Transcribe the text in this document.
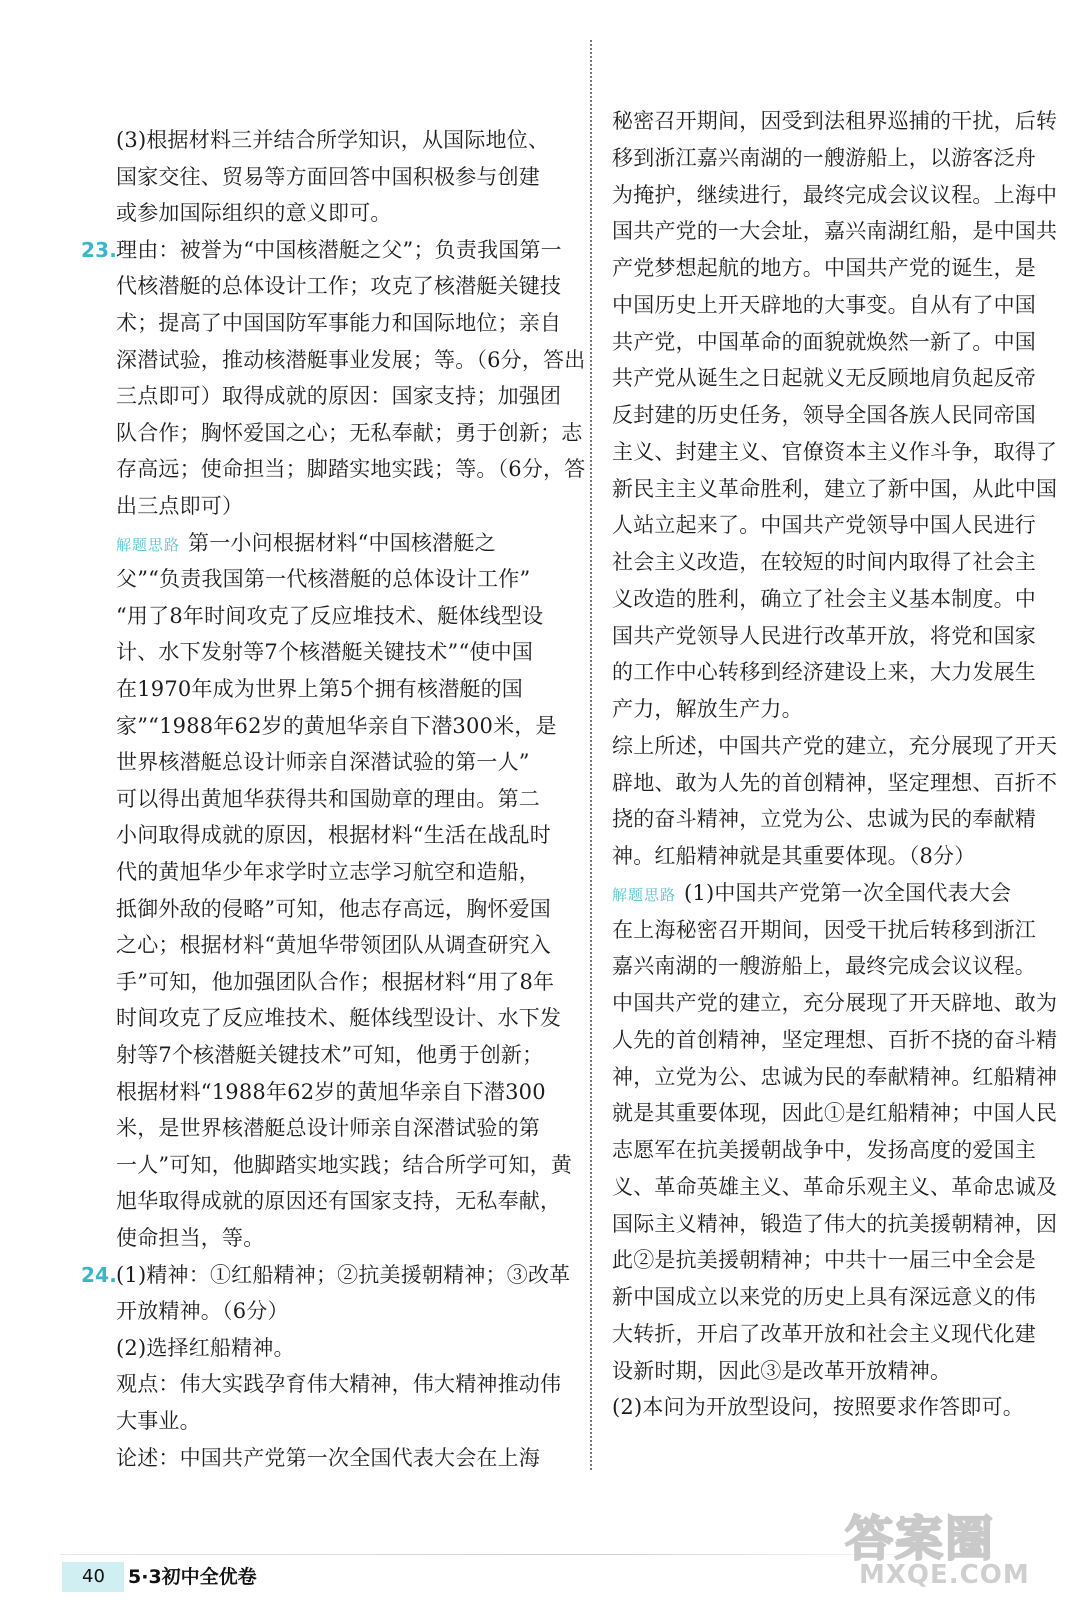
(3)根据材料三并结合所学知识，从国际地位、
国家交往、贸易等方面回答中国积极参与创建
或参加国际组织的意义即可。
23.
理由：被誉为“中国核潜艇之父”；负责我国第一
代核潜艇的总体设计工作；攻克了核潜艇关键技
术；提高了中国国防军事能力和国际地位；亲自
深潜试验，推动核潜艇事业发展；等。（6分，答出
三点即可）取得成就的原因：国家支持；加强团
队合作；胸怀爱国之心；无私奉献；勇于创新；志
存高远；使命担当；脚踏实地实践；等。（6分，答
出三点即可）
解题思路 第一小问根据材料“中国核潜艇之
父”“负责我国第一代核潜艇的总体设计工作”
“用了8年时间攻克了反应堆技术、艇体线型设
计、水下发射等7个核潜艇关键技术”“使中国
在1970年成为世界上第5个拥有核潜艇的国
家”“1988年62岁的黄旭华亲自下潜300米，是
世界核潜艇总设计师亲自深潜试验的第一人”
可以得出黄旭华获得共和国勋章的理由。第二
小问取得成就的原因，根据材料“生活在战乱时
代的黄旭华少年求学时立志学习航空和造船，
抵御外敌的侵略”可知，他志存高远，胸怀爱国
之心；根据材料“黄旭华带领团队从调查研究入
手”可知，他加强团队合作；根据材料“用了8年
时间攻克了反应堆技术、艇体线型设计、水下发
射等7个核潜艇关键技术”可知，他勇于创新；
根据材料“1988年62岁的黄旭华亲自下潜300
米，是世界核潜艇总设计师亲自深潜试验的第
一人”可知，他脚踏实地实践；结合所学可知，黄
旭华取得成就的原因还有国家支持，无私奉献，
使命担当，等。
24.
(1)精神：①红船精神；②抗美援朝精神；③改革
开放精神。（6分）
(2)选择红船精神。
观点：伟大实践孕育伟大精神，伟大精神推动伟
大事业。
论述：中国共产党第一次全国代表大会在上海
秘密召开期间，因受到法租界巡捕的干扰，后转
移到浙江嘉兴南湖的一艘游船上，以游客泛舟
为掩护，继续进行，最终完成会议议程。上海中
国共产党的一大会址，嘉兴南湖红船，是中国共
产党梦想起航的地方。中国共产党的诞生，是
中国历史上开天辟地的大事变。自从有了中国
共产党，中国革命的面貌就焕然一新了。中国
共产党从诞生之日起就义无反顾地肩负起反帝
反封建的历史任务，领导全国各族人民同帝国
主义、封建主义、官僚资本主义作斗争，取得了
新民主主义革命胜利，建立了新中国，从此中国
人站立起来了。中国共产党领导中国人民进行
社会主义改造，在较短的时间内取得了社会主
义改造的胜利，确立了社会主义基本制度。中
国共产党领导人民进行改革开放，将党和国家
的工作中心转移到经济建设上来，大力发展生
产力，解放生产力。
综上所述，中国共产党的建立，充分展现了开天
辟地、敢为人先的首创精神，坚定理想、百折不
挠的奋斗精神，立党为公、忠诚为民的奉献精
神。红船精神就是其重要体现。（8分）
解题思路 (1)中国共产党第一次全国代表大会
在上海秘密召开期间，因受干扰后转移到浙江
嘉兴南湖的一艘游船上，最终完成会议议程。
中国共产党的建立，充分展现了开天辟地、敢为
人先的首创精神，坚定理想、百折不挠的奋斗精
神，立党为公、忠诚为民的奉献精神。红船精神
就是其重要体现，因此①是红船精神；中国人民
志愿军在抗美援朝战争中，发扬高度的爱国主
义、革命英雄主义、革命乐观主义、革命忠诚及
国际主义精神，锻造了伟大的抗美援朝精神，因
此②是抗美援朝精神；中共十一届三中全会是
新中国成立以来党的历史上具有深远意义的伟
大转折，开启了改革开放和社会主义现代化建
设新时期，因此③是改革开放精神。
(2)本问为开放型设问，按照要求作答即可。
40 5·3初中全优卷
答案圈
MXQE.COM
